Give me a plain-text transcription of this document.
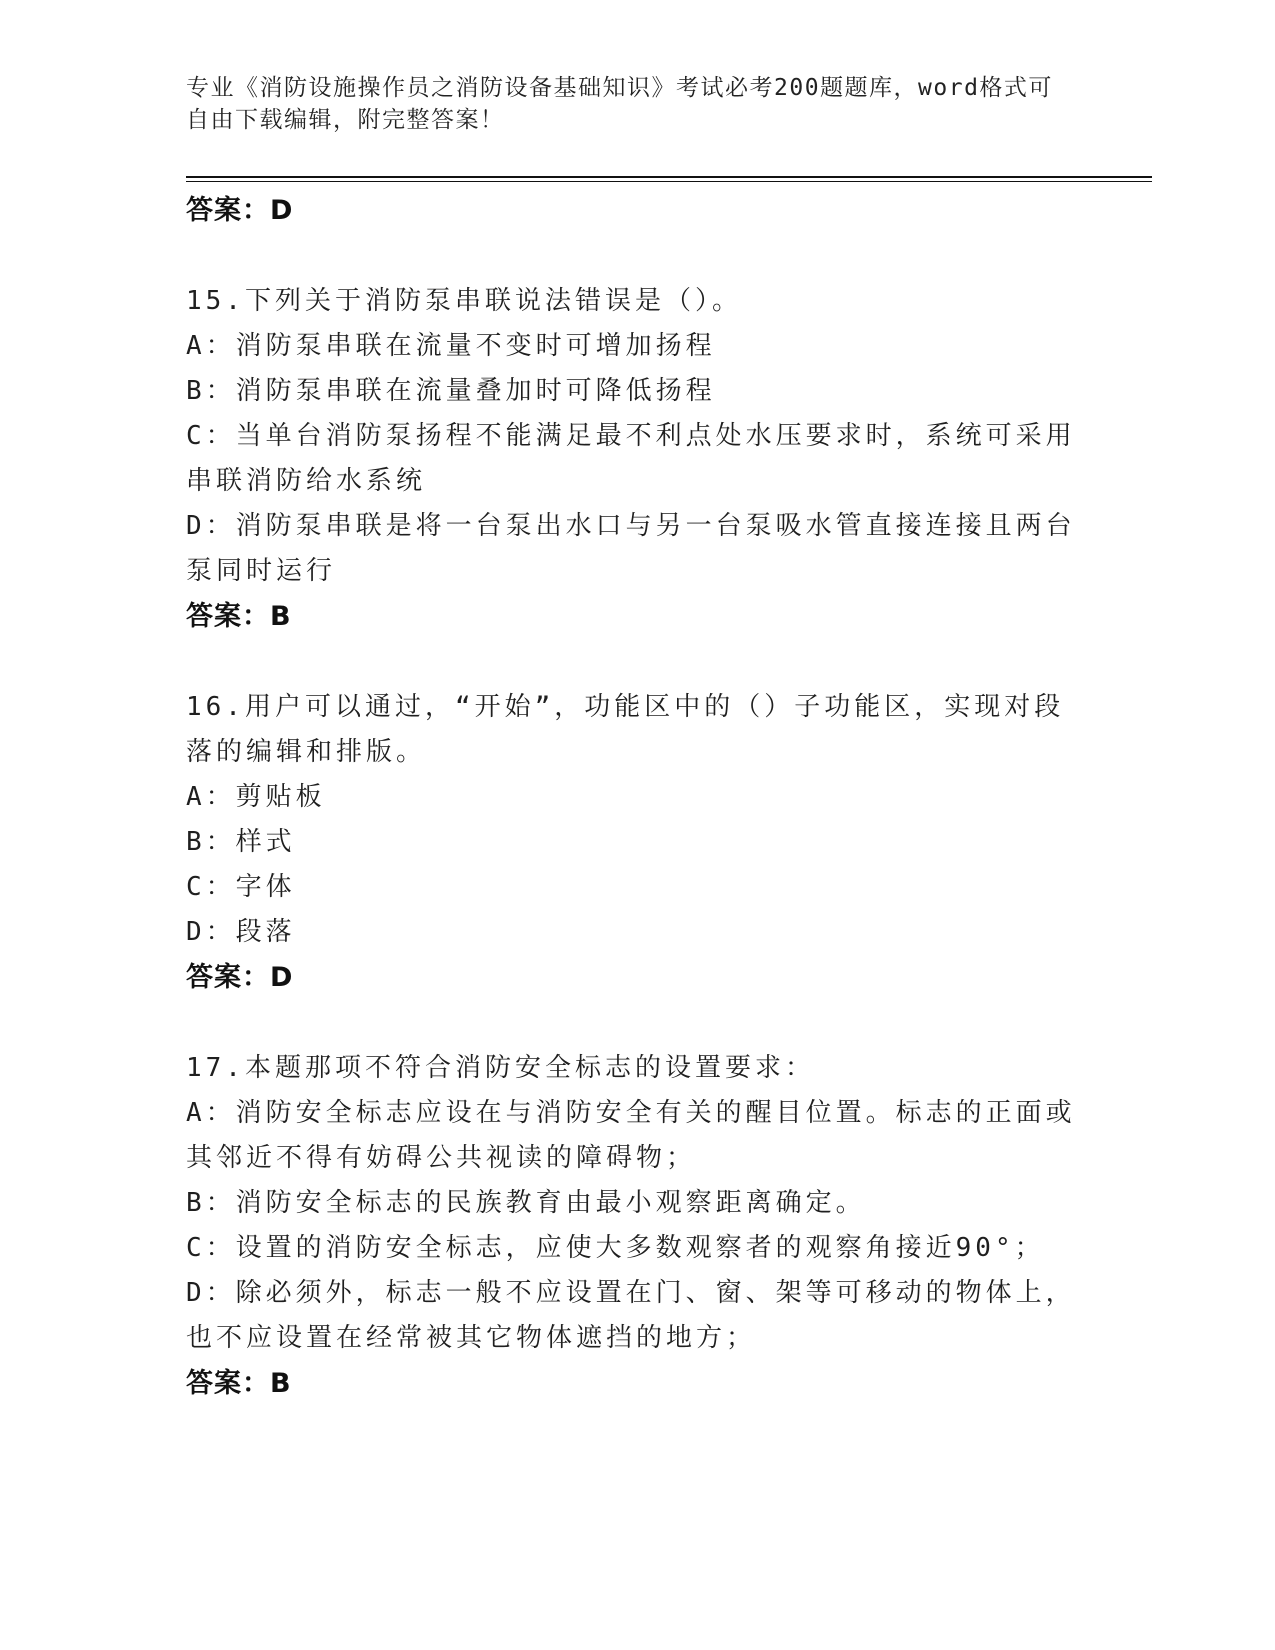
专业《消防设施操作员之消防设备基础知识》考试必考200题题库，word格式可
自由下载编辑，附完整答案！
答案：D

15.下列关于消防泵串联说法错误是（）。

A：消防泵串联在流量不变时可增加扬程

B：消防泵串联在流量叠加时可降低扬程

C：当单台消防泵扬程不能满足最不利点处水压要求时，系统可采用串联消防给水系统

D：消防泵串联是将一台泵出水口与另一台泵吸水管直接连接且两台泵同时运行

答案：B

16.用户可以通过，“开始”，功能区中的（）子功能区，实现对段落的编辑和排版。

A：剪贴板

B：样式

C：字体

D：段落

答案：D

17.本题那项不符合消防安全标志的设置要求：

A：消防安全标志应设在与消防安全有关的醒目位置。标志的正面或其邻近不得有妨碍公共视读的障碍物；

B：消防安全标志的民族教育由最小观察距离确定。

C：设置的消防安全标志，应使大多数观察者的观察角接近90°；

D：除必须外，标志一般不应设置在门、窗、架等可移动的物体上，也不应设置在经常被其它物体遮挡的地方；

答案：B
